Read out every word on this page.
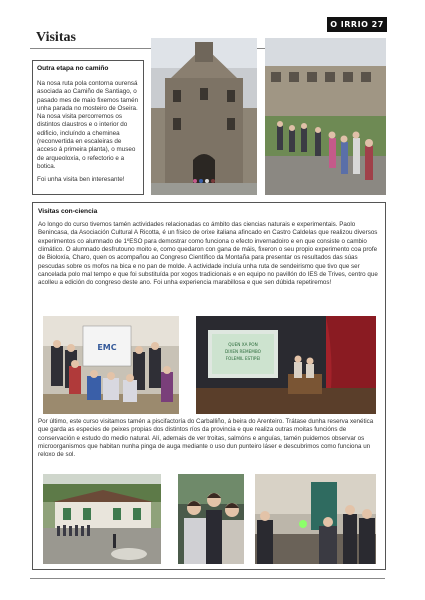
O IRRIO 27
Visitas

Outra etapa no camiño

Na nosa ruta pola contorna ourensá asociada ao Camiño de Santiago, o pasado mes de maio fixemos tamén unha parada no mosteiro de Oseira. Na nosa visita percorremos os distintos claustros e o interior do edificio, incluíndo a cheminea (reconvertida en escaleiras de acceso á primeira planta), o museo de arqueoloxía, o refectorio e a botica.

Foi unha visita ben interesante!

Visitas con-ciencia

Ao longo do curso tivemos tamén actividades relacionadas co ámbito das ciencias naturais e experimentais. Paolo Benincasa, da Asociación Cultural A Ricotta, é un físico de orixe italiana afincado en Castro Caldelas que realizou diversos experimentos co alumnado de 1ºESO para demostrar como funciona o efecto invernadoiro e en que consiste o cambio climático. O alumnado desfrutouno moito e, como quedaron con gana de máis, fixeron o seu propio experimento coa profe de Bioloxía, Charo, quen os acompañou ao Congreso Científico da Montaña para presentar os resultados das súas pescudas sobre os mofos na bica e no pan de molde. A actividade incluía unha ruta de sendeirismo que tivo que ser cancelada polo mal tempo e que foi substituída por xogos tradicionais e en equipo no pavillón do IES de Trives, centro que acolleu a edición do congreso deste ano. Foi unha experiencia marabillosa e que sen dúbida repetiremos!

Por último, este curso visitamos tamén a piscifactoría do Carballiño, á beira do Arenteiro. Trátase dunha reserva xenética que garda as especies de peixes propias dos distintos ríos da provincia e que realiza outras moitas funcións de conservación e estudo do medio natural. Alí, ademais de ver troitas, salmóns e anguías, tamén puidemos observar os microorganismos que habitan nunha pinga de auga mediante o uso dun punteiro láser e descubrimos como funciona un reloxo de sol.

EMC	QUEN XA PON
DIXEN REMEMBO
FOLEMIL ESTIPEI
